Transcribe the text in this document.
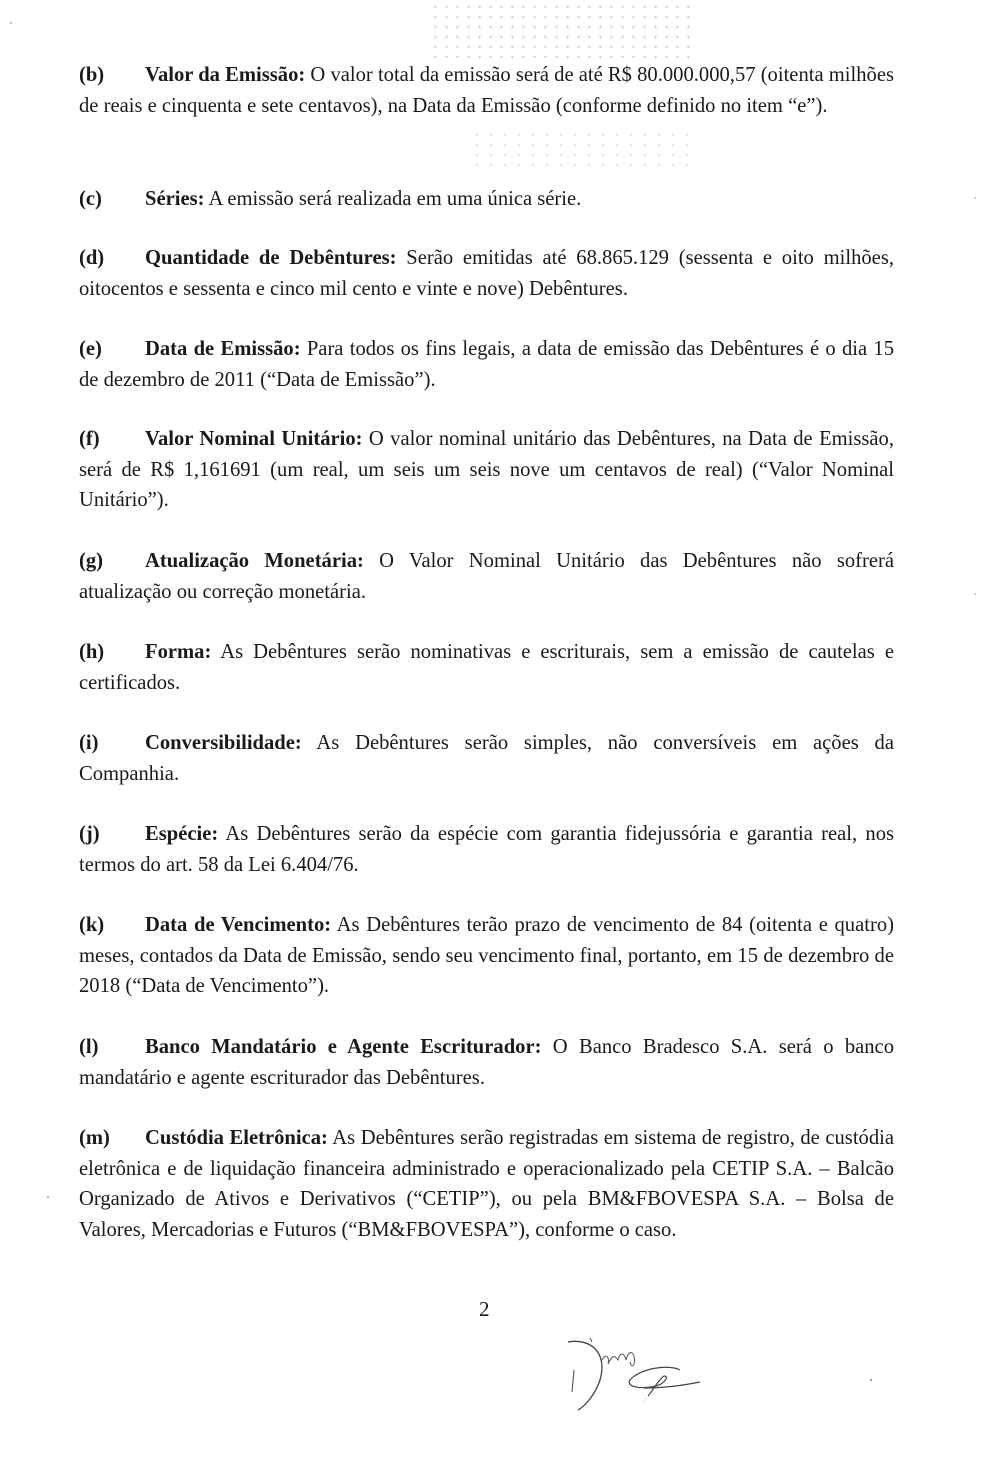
(b) Valor da Emissão: O valor total da emissão será de até R$ 80.000.000,57 (oitenta milhões de reais e cinquenta e sete centavos), na Data da Emissão (conforme definido no item “e”).
(c) Séries: A emissão será realizada em uma única série.
(d) Quantidade de Debêntures: Serão emitidas até 68.865.129 (sessenta e oito milhões, oitocentos e sessenta e cinco mil cento e vinte e nove) Debêntures.
(e) Data de Emissão: Para todos os fins legais, a data de emissão das Debêntures é o dia 15 de dezembro de 2011 (“Data de Emissão”).
(f) Valor Nominal Unitário: O valor nominal unitário das Debêntures, na Data de Emissão, será de R$ 1,161691 (um real, um seis um seis nove um centavos de real) (“Valor Nominal Unitário”).
(g) Atualização Monetária: O Valor Nominal Unitário das Debêntures não sofrerá atualização ou correção monetária.
(h) Forma: As Debêntures serão nominativas e escriturais, sem a emissão de cautelas e certificados.
(i) Conversibilidade: As Debêntures serão simples, não conversíveis em ações da Companhia.
(j) Espécie: As Debêntures serão da espécie com garantia fidejussória e garantia real, nos termos do art. 58 da Lei 6.404/76.
(k) Data de Vencimento: As Debêntures terão prazo de vencimento de 84 (oitenta e quatro) meses, contados da Data de Emissão, sendo seu vencimento final, portanto, em 15 de dezembro de 2018 (“Data de Vencimento”).
(l) Banco Mandatário e Agente Escriturador: O Banco Bradesco S.A. será o banco mandatário e agente escriturador das Debêntures.
(m) Custódia Eletrônica: As Debêntures serão registradas em sistema de registro, de custódia eletrônica e de liquidação financeira administrado e operacionalizado pela CETIP S.A. – Balcão Organizado de Ativos e Derivativos (“CETIP”), ou pela BM&FBOVESPA S.A. – Bolsa de Valores, Mercadorias e Futuros (“BM&FBOVESPA”), conforme o caso.
2
